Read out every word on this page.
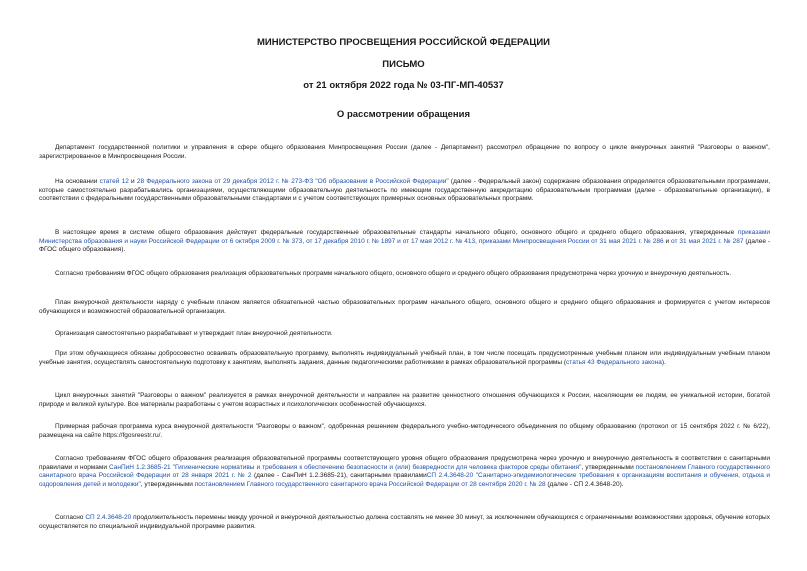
МИНИСТЕРСТВО ПРОСВЕЩЕНИЯ РОССИЙСКОЙ ФЕДЕРАЦИИ
ПИСЬМО
от 21 октября 2022 года № 03-ПГ-МП-40537
О рассмотрении обращения

Департамент государственной политики и управления в сфере общего образования Минпросвещения России (далее - Департамент) рассмотрел обращение по вопросу о цикле внеурочных занятий "Разговоры о важном", зарегистрированное в Минпросвещения России.

На основании статей 12 и 28 Федерального закона от 29 декабря 2012 г. № 273-ФЗ "Об образовании в Российской Федерации" (далее - Федеральный закон) содержание образования определяется образовательными программами, которые самостоятельно разрабатывались организациями, осуществляющими образовательную деятельность по имеющим государственную аккредитацию образовательным программам (далее - образовательные организации), в соответствии с федеральными государственными образовательными стандартами и с учетом соответствующих примерных основных образовательных программ.

В настоящее время в системе общего образования действует федеральные государственные образовательные стандарты начального общего, основного общего и среднего общего образования, утвержденные приказами Министерства образования и науки Российской Федерации от 6 октября 2009 г. № 373, от 17 декабря 2010 г. № 1897 и от 17 мая 2012 г. № 413, приказами Минпросвещения России от 31 мая 2021 г. № 286 и от 31 мая 2021 г. № 287 (далее - ФГОС общего образования).

Согласно требованиям ФГОС общего образования реализация образовательных программ начального общего, основного общего и среднего общего образования предусмотрена через урочную и внеурочную деятельность.

План внеурочной деятельности наряду с учебным планом является обязательной частью образовательных программ начального общего, основного общего и среднего общего образования и формируется с учетом интересов обучающихся и возможностей образовательной организации.

Организация самостоятельно разрабатывает и утверждает план внеурочной деятельности.

При этом обучающиеся обязаны добросовестно осваивать образовательную программу, выполнять индивидуальный учебный план, в том числе посещать предусмотренные учебным планом или индивидуальным учебным планом учебные занятия, осуществлять самостоятельную подготовку к занятиям, выполнять задания, данные педагогическими работниками в рамках образовательной программы (статья 43 Федерального закона).

Цикл внеурочных занятий "Разговоры о важном" реализуется в рамках внеурочной деятельности и направлен на развитие ценностного отношения обучающихся к России, населяющим ее людям, ее уникальной истории, богатой природе и великой культуре. Все материалы разработаны с учетом возрастных и психологических особенностей обучающихся.

Примерная рабочая программа курса внеурочной деятельности "Разговоры о важном", одобренная решением федерального учебно-методического объединения по общему образованию (протокол от 15 сентября 2022 г. № 6/22), размещена на сайте https://fgosreestr.ru/.

Согласно требованиям ФГОС общего образования реализация образовательной программы соответствующего уровня общего образования предусмотрена через урочную и внеурочную деятельность в соответствии с санитарными правилами и нормами СанПиН 1.2.3685-21 "Гигиенические нормативы и требования к обеспечению безопасности и (или) безвредности для человека факторов среды обитания", утвержденными постановлением Главного государственного санитарного врача Российской Федерации от 28 января 2021 г. № 2 (далее - СанПиН 1.2.3685-21), санитарными правиламиСП 2.4.3648-20 "Санитарно-эпидемиологические требования к организациям воспитания и обучения, отдыха и оздоровления детей и молодежи", утвержденными постановлением Главного государственного санитарного врача Российской Федерации от 28 сентября 2020 г. № 28 (далее - СП 2.4.3648-20).

Согласно СП 2.4.3648-20 продолжительность перемены между урочной и внеурочной деятельностью должна составлять не менее 30 минут, за исключением обучающихся с ограниченными возможностями здоровья, обучение которых осуществляется по специальной индивидуальной программе развития.
